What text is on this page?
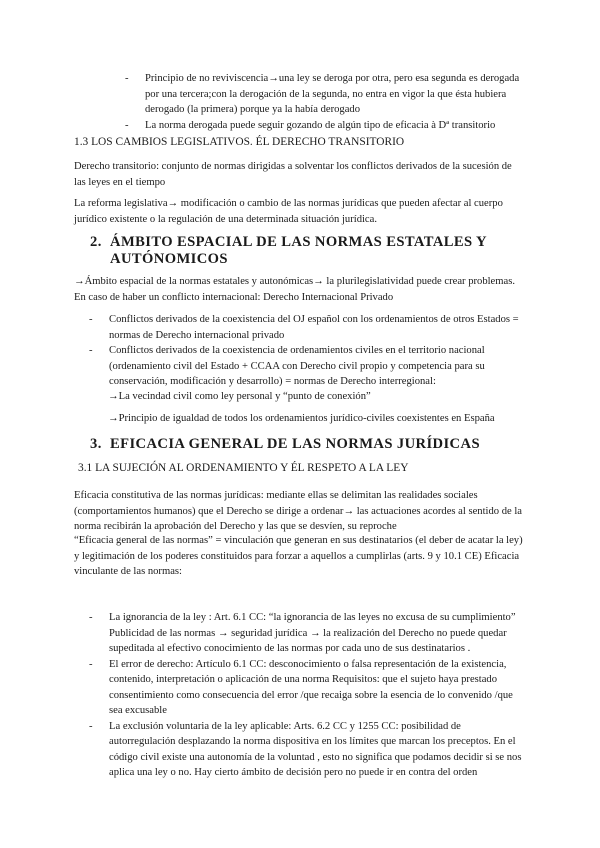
- Principio de no reviviscencia→una ley se deroga por otra, pero esa segunda es derogada por una tercera;con la derogación de la segunda, no entra en vigor la que ésta hubiera derogado (la primera) porque ya la había derogado
- La norma derogada puede seguir gozando de algún tipo de eficacia à Dª transitorio

1.3 LOS CAMBIOS LEGISLATIVOS. ÉL DERECHO TRANSITORIO

Derecho transitorio: conjunto de normas dirigidas a solventar los conflictos derivados de la sucesión de las leyes en el tiempo

La reforma legislativa→ modificación o cambio de las normas jurídicas que pueden afectar al cuerpo jurídico existente o la regulación de una determinada situación jurídica.

2. ÁMBITO ESPACIAL DE LAS NORMAS ESTATALES Y AUTÓNOMICOS

→Ámbito espacial de la normas estatales y autonómicas→ la plurilegislatividad puede crear problemas. En caso de haber un conflicto internacional: Derecho Internacional Privado

- Conflictos derivados de la coexistencia del OJ español con los ordenamientos de otros Estados = normas de Derecho internacional privado
- Conflictos derivados de la coexistencia de ordenamientos civiles en el territorio nacional (ordenamiento civil del Estado + CCAA con Derecho civil propio y competencia para su conservación, modificación y desarrollo) = normas de Derecho interregional:

→La vecindad civil como ley personal y “punto de conexión”

→Principio de igualdad de todos los ordenamientos jurídico-civiles coexistentes en España

3. EFICACIA GENERAL DE LAS NORMAS JURÍDICAS

3.1 LA SUJECIÓN AL ORDENAMIENTO Y ÉL RESPETO A LA LEY

Eficacia constitutiva de las normas jurídicas: mediante ellas se delimitan las realidades sociales (comportamientos humanos) que el Derecho se dirige a ordenar→ las actuaciones acordes al sentido de la norma recibirán la aprobación del Derecho y las que se desvíen, su reproche

“Eficacia general de las normas” = vinculación que generan en sus destinatarios (el deber de acatar la ley) y legitimación de los poderes constituidos para forzar a aquellos a cumplirlas (arts. 9 y 10.1 CE) Eficacia vinculante de las normas:

- La ignorancia de la ley : Art. 6.1 CC: “la ignorancia de las leyes no excusa de su cumplimiento” Publicidad de las normas → seguridad jurídica → la realización del Derecho no puede quedar supeditada al efectivo conocimiento de las normas por cada uno de sus destinatarios .
- El error de derecho: Artículo 6.1 CC: desconocimiento o falsa representación de la existencia, contenido, interpretación o aplicación de una norma Requisitos: que el sujeto haya prestado consentimiento como consecuencia del error /que recaiga sobre la esencia de lo convenido /que sea excusable
- La exclusión voluntaria de la ley aplicable: Arts. 6.2 CC y 1255 CC: posibilidad de autorregulación desplazando la norma dispositiva en los límites que marcan los preceptos. En el código civil existe una autonomía de la voluntad , esto no significa que podamos decidir si se nos aplica una ley o no. Hay cierto ámbito de decisión pero no puede ir en contra del orden
